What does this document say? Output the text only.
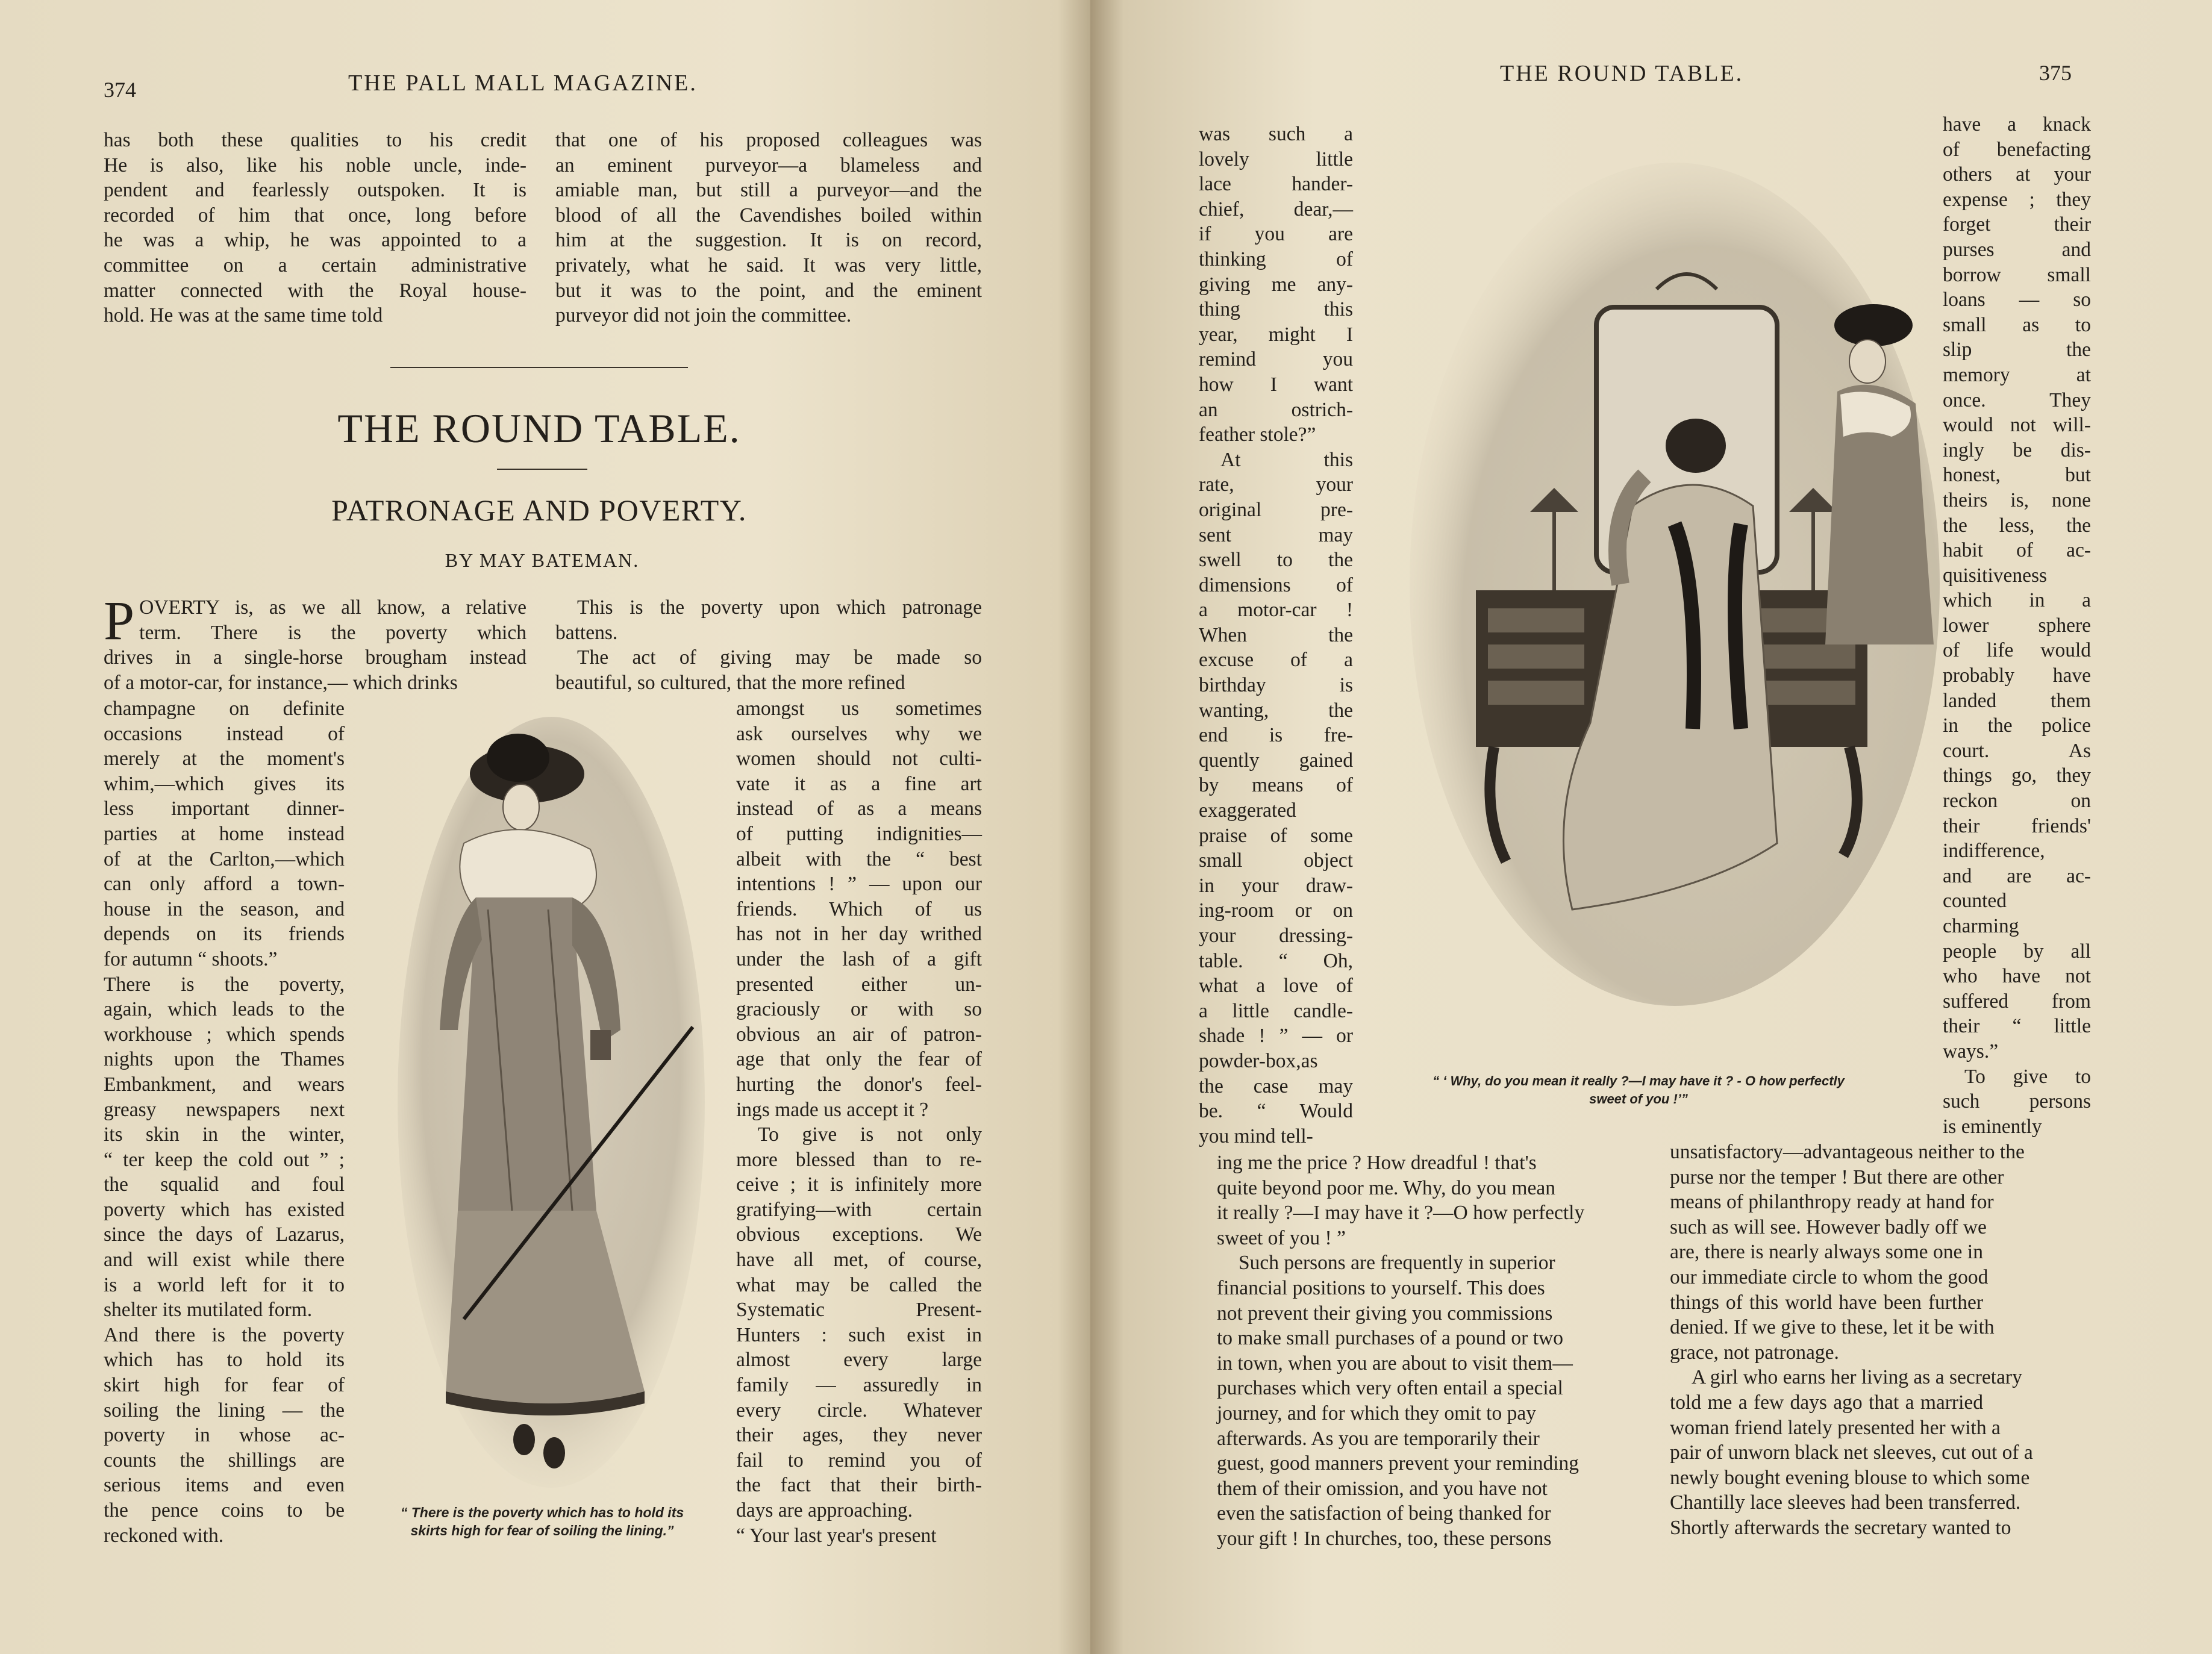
374	THE PALL MALL MAGAZINE.
has both these qualities to his credit
He is also, like his noble uncle, inde-
pendent and fearlessly outspoken. It is
recorded of him that once, long before
he was a whip, he was appointed to a
committee on a certain administrative
matter connected with the Royal house-
hold. He was at the same time told
that one of his proposed colleagues was
an eminent purveyor—a blameless and
amiable man, but still a purveyor—and the
blood of all the Cavendishes boiled within
him at the suggestion. It is on record,
privately, what he said. It was very little,
but it was to the point, and the eminent
purveyor did not join the committee.
THE ROUND TABLE.
PATRONAGE AND POVERTY.
BY MAY BATEMAN.
P OVERTY is, as we all know, a relative
term. There is the poverty which
drives in a single-horse brougham instead
of a motor-car, for instance,— which drinks
champagne on definite
occasions instead of
merely at the moment's
whim,—which gives its
less important dinner-
parties at home instead
of at the Carlton,—which
can only afford a town-
house in the season, and
depends on its friends
for autumn “ shoots.”
There is the poverty,
again, which leads to the
workhouse ; which spends
nights upon the Thames
Embankment, and wears
greasy newspapers next
its skin in the winter,
“ ter keep the cold out ” ;
the squalid and foul
poverty which has existed
since the days of Lazarus,
and will exist while there
is a world left for it to
shelter its mutilated form.
And there is the poverty
which has to hold its
skirt high for fear of
soiling the lining — the
poverty in whose ac-
counts the shillings are
serious items and even
the pence coins to be
reckoned with.
This is the poverty upon which patronage
battens.
The act of giving may be made so
beautiful, so cultured, that the more refined
amongst us sometimes
ask ourselves why we
women should not culti-
vate it as a fine art
instead of as a means
of putting indignities—
albeit with the “ best
intentions ! ” — upon our
friends. Which of us
has not in her day writhed
under the lash of a gift
presented either un-
graciously or with so
obvious an air of patron-
age that only the fear of
hurting the donor's feel-
ings made us accept it ?
To give is not only
more blessed than to re-
ceive ; it is infinitely more
gratifying—with certain
obvious exceptions. We
have all met, of course,
what may be called the
Systematic Present-
Hunters : such exist in
almost every large
family — assuredly in
every circle. Whatever
their ages, they never
fail to remind you of
the fact that their birth-
days are approaching.
“ Your last year's present
“ There is the poverty which has to hold its
skirts high for fear of soiling the lining.”
THE ROUND TABLE.	375
was such a
lovely little
lace hander-
chief, dear,—
if you are
thinking of
giving me any-
thing this
year, might I
remind you
how I want
an ostrich-
feather stole?”
At this
rate, your
original pre-
sent may
swell to the
dimensions of
a motor-car !
When the
excuse of a
birthday is
wanting, the
end is fre-
quently gained
by means of
exaggerated
praise of some
small object
in your draw-
ing-room or on
your dressing-
table. “ Oh,
what a love of
a little candle-
shade ! ” — or
powder-box,as
the case may
be. “ Would
you mind tell-
have a knack
of benefacting
others at your
expense ; they
forget their
purses and
borrow small
loans — so
small as to
slip the
memory at
once. They
would not will-
ingly be dis-
honest, but
theirs is, none
the less, the
habit of ac-
quisitiveness
which in a
lower sphere
of life would
probably have
landed them
in the police
court. As
things go, they
reckon on
their friends'
indifference,
and are ac-
counted
charming
people by all
who have not
suffered from
their “ little
ways.”
To give to
such persons
is eminently
“ ‘ Why, do you mean it really ?—I may have it ? - O how perfectly
sweet of you !’”
ing me the price ? How dreadful ! that's
quite beyond poor me. Why, do you mean
it really ?—I may have it ?—O how perfectly
sweet of you ! ”
Such persons are frequently in superior
financial positions to yourself. This does
not prevent their giving you commissions
to make small purchases of a pound or two
in town, when you are about to visit them—
purchases which very often entail a special
journey, and for which they omit to pay
afterwards. As you are temporarily their
guest, good manners prevent your reminding
them of their omission, and you have not
even the satisfaction of being thanked for
your gift ! In churches, too, these persons
unsatisfactory—advantageous neither to the
purse nor the temper ! But there are other
means of philanthropy ready at hand for
such as will see. However badly off we
are, there is nearly always some one in
our immediate circle to whom the good
things of this world have been further
denied. If we give to these, let it be with
grace, not patronage.
A girl who earns her living as a secretary
told me a few days ago that a married
woman friend lately presented her with a
pair of unworn black net sleeves, cut out of a
newly bought evening blouse to which some
Chantilly lace sleeves had been transferred.
Shortly afterwards the secretary wanted to
